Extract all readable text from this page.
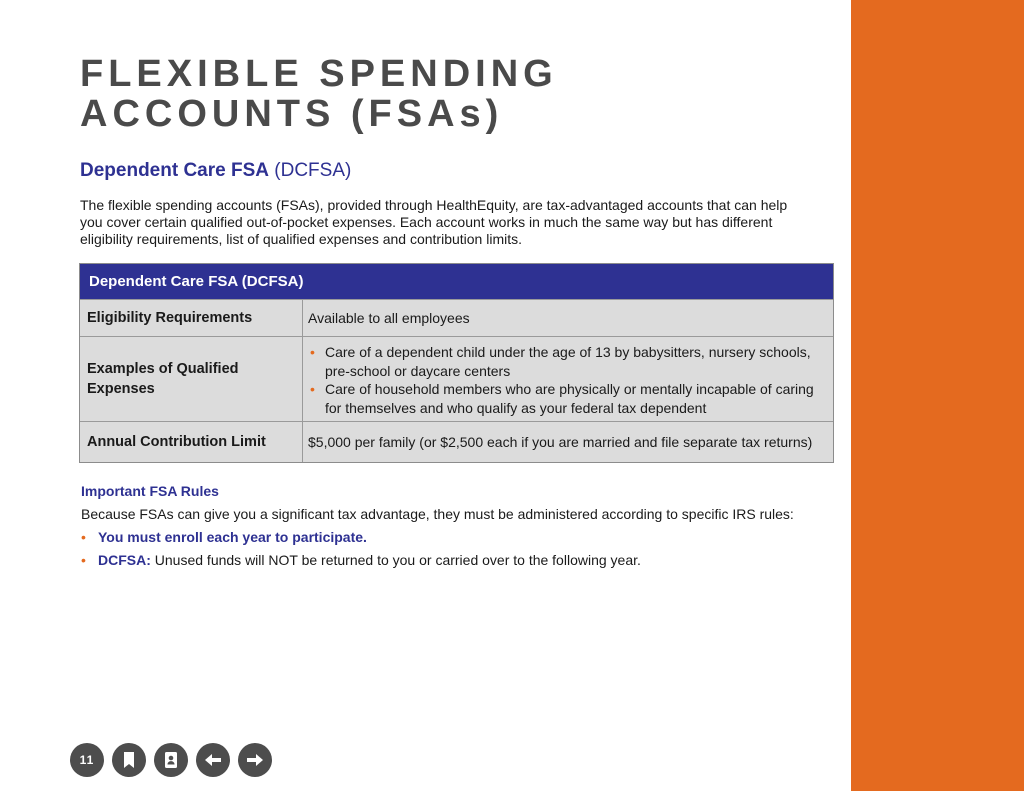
FLEXIBLE SPENDING
ACCOUNTS (FSAs)
Dependent Care FSA (DCFSA)

The flexible spending accounts (FSAs), provided through HealthEquity, are tax-advantaged accounts that can help you cover certain qualified out-of-pocket expenses. Each account works in much the same way but has different eligibility requirements, list of qualified expenses and contribution limits.

Dependent Care FSA (DCFSA)
Eligibility Requirements	Available to all employees
Examples of Qualified Expenses
• Care of a dependent child under the age of 13 by babysitters, nursery schools, pre-school or daycare centers
• Care of household members who are physically or mentally incapable of caring for themselves and who qualify as your federal tax dependent
Annual Contribution Limit	$5,000 per family (or $2,500 each if you are married and file separate tax returns)
Important FSA Rules
Because FSAs can give you a significant tax advantage, they must be administered according to specific IRS rules:
• You must enroll each year to participate.
• DCFSA: Unused funds will NOT be returned to you or carried over to the following year.
11
